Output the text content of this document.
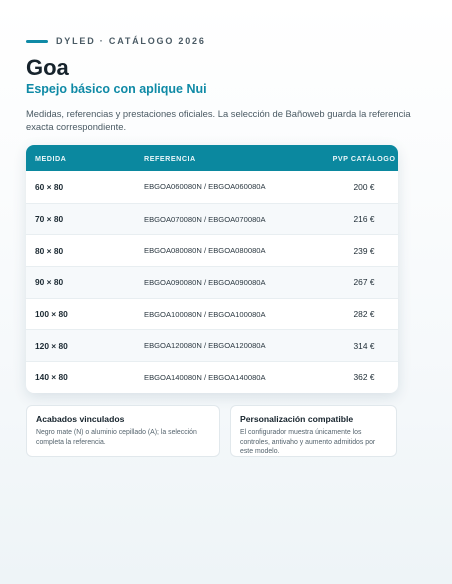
DYLED · CATÁLOGO 2026
Goa
Espejo básico con aplique Nui

Medidas, referencias y prestaciones oficiales. La selección de Bañoweb guarda la referencia exacta correspondiente.

MEDIDA	REFERENCIA	PVP CATÁLOGO
60 × 80	EBGOA060080N / EBGOA060080A	200 €
70 × 80	EBGOA070080N / EBGOA070080A	216 €
80 × 80	EBGOA080080N / EBGOA080080A	239 €
90 × 80	EBGOA090080N / EBGOA090080A	267 €
100 × 80	EBGOA100080N / EBGOA100080A	282 €
120 × 80	EBGOA120080N / EBGOA120080A	314 €
140 × 80	EBGOA140080N / EBGOA140080A	362 €
Acabados vinculados
Negro mate (N) o aluminio cepillado (A); la selección completa la referencia.
Personalización compatible
El configurador muestra únicamente los controles, antivaho y aumento admitidos por este modelo.
